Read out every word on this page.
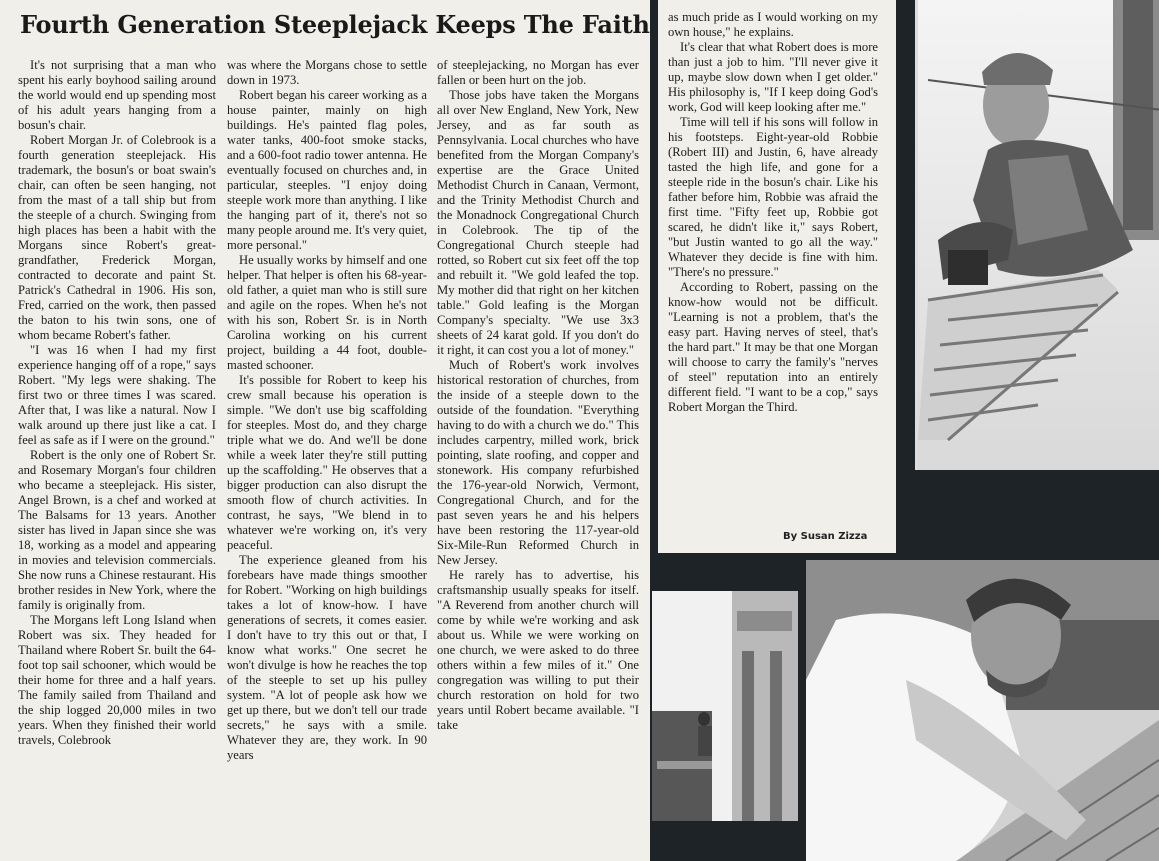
Fourth Generation Steeplejack Keeps The Faith

It's not surprising that a man who spent his early boyhood sailing around the world would end up spending most of his adult years hanging from a bosun's chair.

Robert Morgan Jr. of Colebrook is a fourth generation steeplejack. His trademark, the bosun's or boat swain's chair, can often be seen hanging, not from the mast of a tall ship but from the steeple of a church. Swinging from high places has been a habit with the Morgans since Robert's great-grandfather, Frederick Morgan, contracted to decorate and paint St. Patrick's Cathedral in 1906. His son, Fred, carried on the work, then passed the baton to his twin sons, one of whom became Robert's father.

"I was 16 when I had my first experience hanging off of a rope," says Robert. "My legs were shaking. The first two or three times I was scared. After that, I was like a natural. Now I walk around up there just like a cat. I feel as safe as if I were on the ground."

Robert is the only one of Robert Sr. and Rosemary Morgan's four children who became a steeplejack. His sister, Angel Brown, is a chef and worked at The Balsams for 13 years. Another sister has lived in Japan since she was 18, working as a model and appearing in movies and television commercials. She now runs a Chinese restaurant. His brother resides in New York, where the family is originally from.

The Morgans left Long Island when Robert was six. They headed for Thailand where Robert Sr. built the 64-foot top sail schooner, which would be their home for three and a half years. The family sailed from Thailand and the ship logged 20,000 miles in two years. When they finished their world travels, Colebrook

was where the Morgans chose to settle down in 1973.

Robert began his career working as a house painter, mainly on high buildings. He's painted flag poles, water tanks, 400-foot smoke stacks, and a 600-foot radio tower antenna. He eventually focused on churches and, in particular, steeples. "I enjoy doing steeple work more than anything. I like the hanging part of it, there's not so many people around me. It's very quiet, more personal."

He usually works by himself and one helper. That helper is often his 68-year-old father, a quiet man who is still sure and agile on the ropes. When he's not with his son, Robert Sr. is in North Carolina working on his current project, building a 44 foot, double-masted schooner.

It's possible for Robert to keep his crew small because his operation is simple. "We don't use big scaffolding for steeples. Most do, and they charge triple what we do. And we'll be done while a week later they're still putting up the scaffolding." He observes that a bigger production can also disrupt the smooth flow of church activities. In contrast, he says, "We blend in to whatever we're working on, it's very peaceful.

The experience gleaned from his forebears have made things smoother for Robert. "Working on high buildings takes a lot of know-how. I have generations of secrets, it comes easier. I don't have to try this out or that, I know what works." One secret he won't divulge is how he reaches the top of the steeple to set up his pulley system. "A lot of people ask how we get up there, but we don't tell our trade secrets," he says with a smile. Whatever they are, they work. In 90 years

of steeplejacking, no Morgan has ever fallen or been hurt on the job.

Those jobs have taken the Morgans all over New England, New York, New Jersey, and as far south as Pennsylvania. Local churches who have benefited from the Morgan Company's expertise are the Grace United Methodist Church in Canaan, Vermont, and the Trinity Methodist Church and the Monadnock Congregational Church in Colebrook. The tip of the Congregational Church steeple had rotted, so Robert cut six feet off the top and rebuilt it. "We gold leafed the top. My mother did that right on her kitchen table." Gold leafing is the Morgan Company's specialty. "We use 3x3 sheets of 24 karat gold. If you don't do it right, it can cost you a lot of money."

Much of Robert's work involves historical restoration of churches, from the inside of a steeple down to the outside of the foundation. "Everything having to do with a church we do." This includes carpentry, milled work, brick pointing, slate roofing, and copper and stonework. His company refurbished the 176-year-old Norwich, Vermont, Congregational Church, and for the past seven years he and his helpers have been restoring the 117-year-old Six-Mile-Run Reformed Church in New Jersey.

He rarely has to advertise, his craftsmanship usually speaks for itself. "A Reverend from another church will come by while we're working and ask about us. While we were working on one church, we were asked to do three others within a few miles of it." One congregation was willing to put their church restoration on hold for two years until Robert became available. "I take

as much pride as I would working on my own house," he explains.

It's clear that what Robert does is more than just a job to him. "I'll never give it up, maybe slow down when I get older." His philosophy is, "If I keep doing God's work, God will keep looking after me."

Time will tell if his sons will follow in his footsteps. Eight-year-old Robbie (Robert III) and Justin, 6, have already tasted the high life, and gone for a steeple ride in the bosun's chair. Like his father before him, Robbie was afraid the first time. "Fifty feet up, Robbie got scared, he didn't like it," says Robert, "but Justin wanted to go all the way." Whatever they decide is fine with him. "There's no pressure."

According to Robert, passing on the know-how would not be difficult. "Learning is not a problem, that's the easy part. Having nerves of steel, that's the hard part." It may be that one Morgan will choose to carry the family's "nerves of steel" reputation into an entirely different field. "I want to be a cop," says Robert Morgan the Third.

By Susan Zizza
